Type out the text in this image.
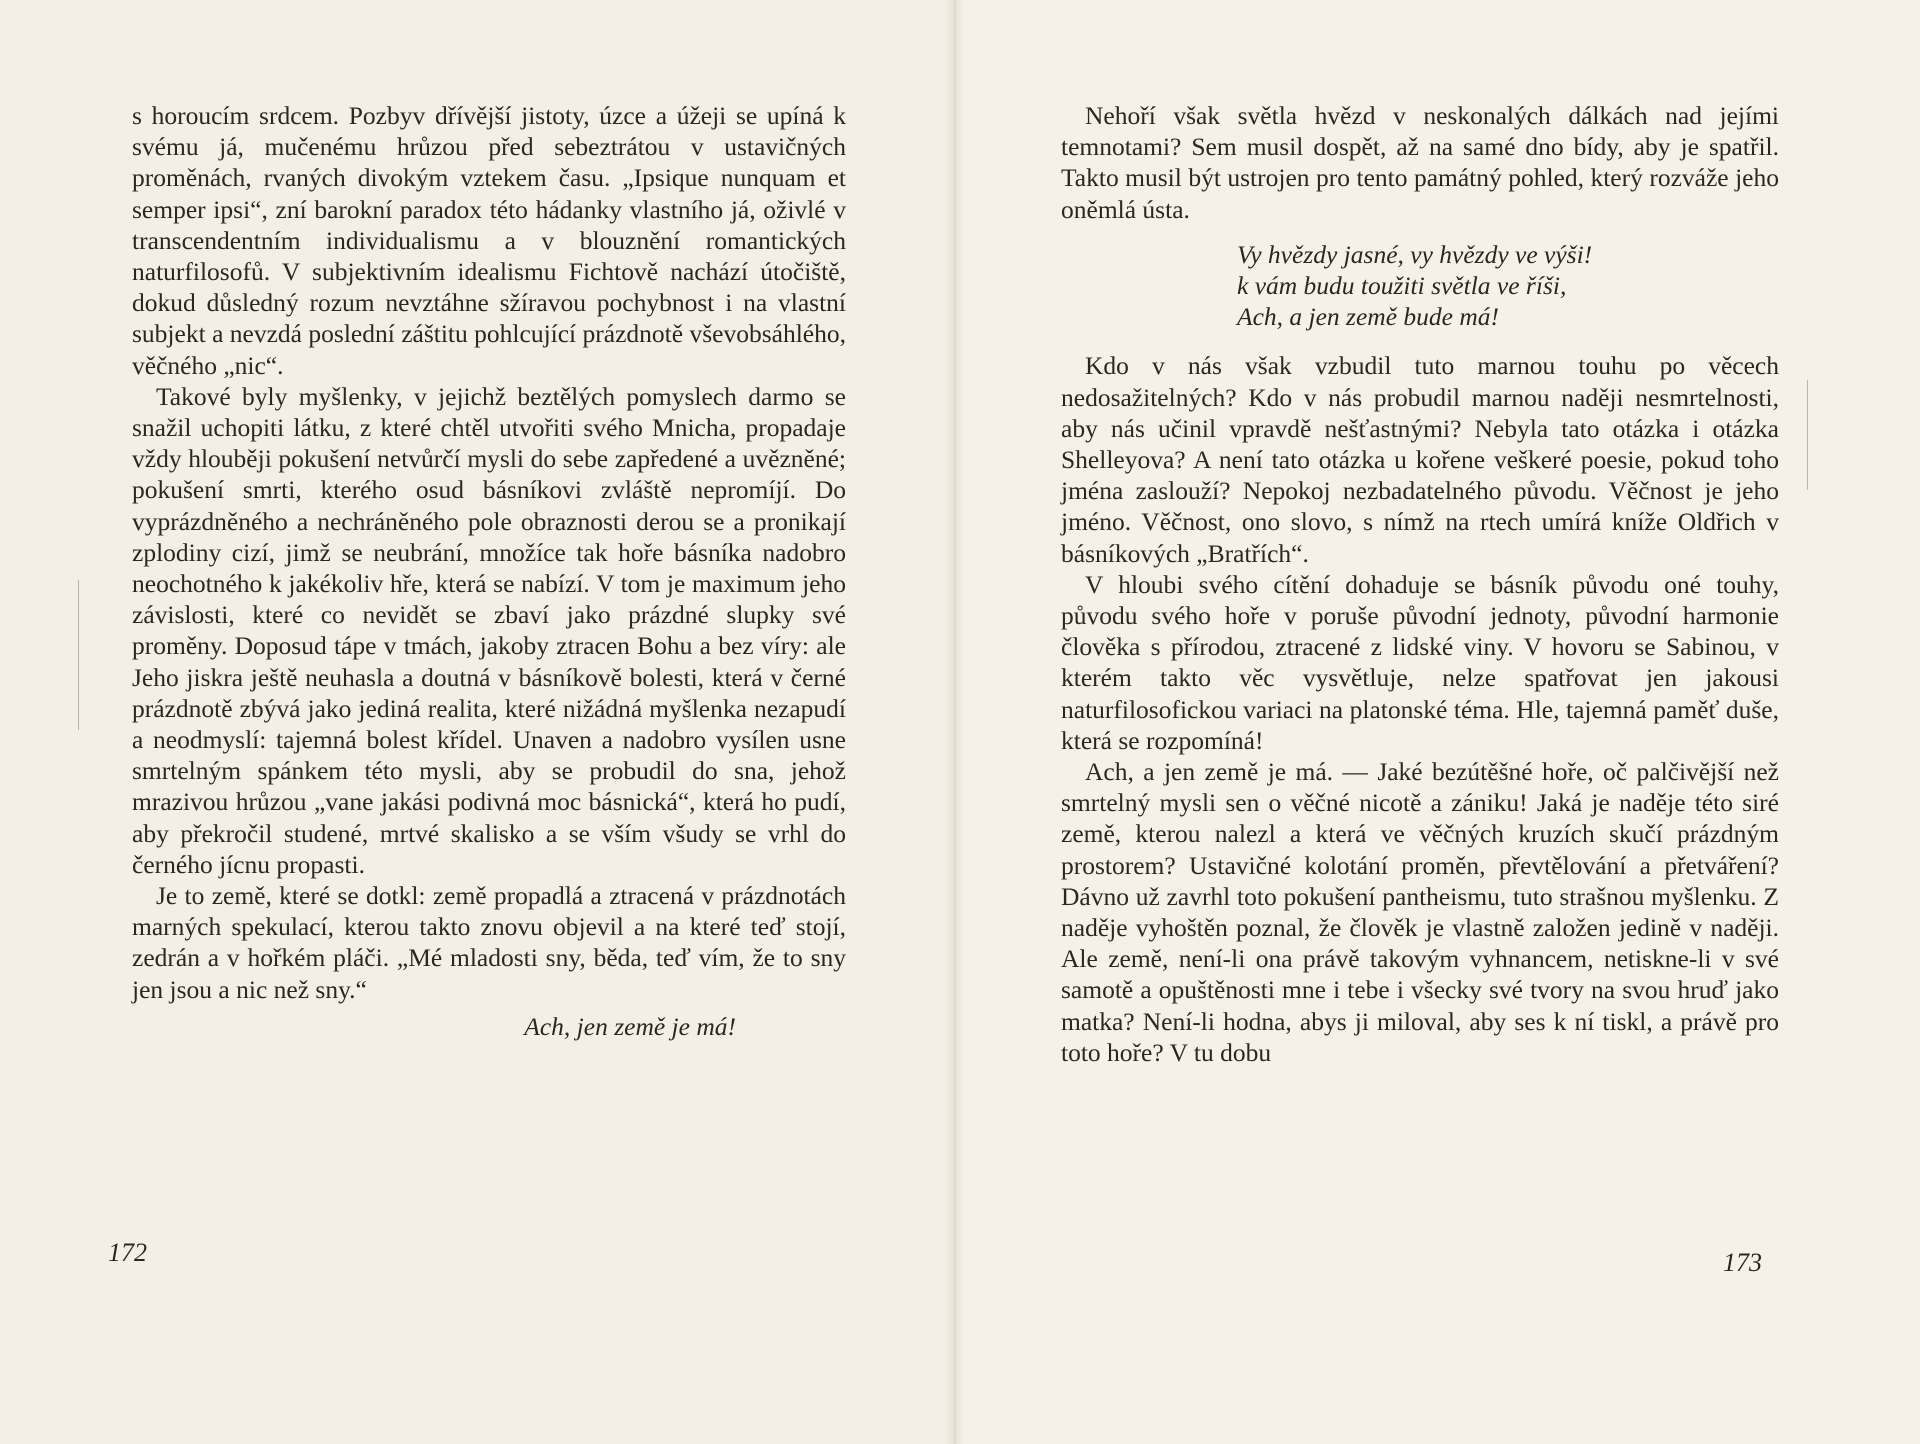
s horoucím srdcem. Pozbyv dřívější jistoty, úzce a úžeji se upíná k svému já, mučenému hrůzou před sebeztrátou v ustavičných proměnách, rvaných divokým vztekem času. „Ipsique nunquam et semper ipsi“, zní barokní paradox této hádanky vlastního já, oživlé v transcendentním individualismu a v blouznění romantických naturfilosofů. V subjektivním idealismu Fichtově nachází útočiště, dokud důsledný rozum nevztáhne sžíravou pochybnost i na vlastní subjekt a nevzdá poslední záštitu pohlcující prázdnotě vševobsáhlého, věčného „nic“.

Takové byly myšlenky, v jejichž beztělých pomyslech darmo se snažil uchopiti látku, z které chtěl utvořiti svého Mnicha, propadaje vždy hlouběji pokušení netvůrčí mysli do sebe zapředené a uvězněné; pokušení smrti, kterého osud básníkovi zvláště nepromíjí. Do vyprázdněného a nechráněného pole obraznosti derou se a pronikají zplodiny cizí, jimž se neubrání, množíce tak hoře básníka nadobro neochotného k jakékoliv hře, která se nabízí. V tom je maximum jeho závislosti, které co nevidět se zbaví jako prázdné slupky své proměny. Doposud tápe v tmách, jakoby ztracen Bohu a bez víry: ale Jeho jiskra ještě neuhasla a doutná v básníkově bolesti, která v černé prázdnotě zbývá jako jediná realita, které nižádná myšlenka nezapudí a neodmyslí: tajemná bolest křídel. Unaven a nadobro vysílen usne smrtelným spánkem této mysli, aby se probudil do sna, jehož mrazivou hrůzou „vane jakási podivná moc básnická“, která ho pudí, aby překročil studené, mrtvé skalisko a se vším všudy se vrhl do černého jícnu propasti.

Je to země, které se dotkl: země propadlá a ztracená v prázdnotách marných spekulací, kterou takto znovu objevil a na které teď stojí, zedrán a v hořkém pláči. „Mé mladosti sny, běda, teď vím, že to sny jen jsou a nic než sny.“

Ach, jen země je má!
172

Nehoří však světla hvězd v neskonalých dálkách nad jejími temnotami? Sem musil dospět, až na samé dno bídy, aby je spatřil. Takto musil být ustrojen pro tento památný pohled, který rozváže jeho oněmlá ústa.

Vy hvězdy jasné, vy hvězdy ve výši!
k vám budu toužiti světla ve říši,
Ach, a jen země bude má!

Kdo v nás však vzbudil tuto marnou touhu po věcech nedosažitelných? Kdo v nás probudil marnou naději nesmrtelnosti, aby nás učinil vpravdě nešťastnými? Nebyla tato otázka i otázka Shelleyova? A není tato otázka u kořene veškeré poesie, pokud toho jména zaslouží? Nepokoj nezbadatelného původu. Věčnost je jeho jméno. Věčnost, ono slovo, s nímž na rtech umírá kníže Oldřich v básníkových „Bratřích“.

V hloubi svého cítění dohaduje se básník původu oné touhy, původu svého hoře v poruše původní jednoty, původní harmonie člověka s přírodou, ztracené z lidské viny. V hovoru se Sabinou, v kterém takto věc vysvětluje, nelze spatřovat jen jakousi naturfilosofickou variaci na platonské téma. Hle, tajemná paměť duše, která se rozpomíná!

Ach, a jen země je má. — Jaké bezútěšné hoře, oč palčivější než smrtelný mysli sen o věčné nicotě a zániku! Jaká je naděje této siré země, kterou nalezl a která ve věčných kruzích skučí prázdným prostorem? Ustavičné kolotání proměn, převtělování a přetváření? Dávno už zavrhl toto pokušení pantheismu, tuto strašnou myšlenku. Z naděje vyhoštěn poznal, že člověk je vlastně založen jedině v naději. Ale země, není-li ona právě takovým vyhnancem, netiskne-li v své samotě a opuštěnosti mne i tebe i všecky své tvory na svou hruď jako matka? Není-li hodna, abys ji miloval, aby ses k ní tiskl, a právě pro toto hoře? V tu dobu

173
